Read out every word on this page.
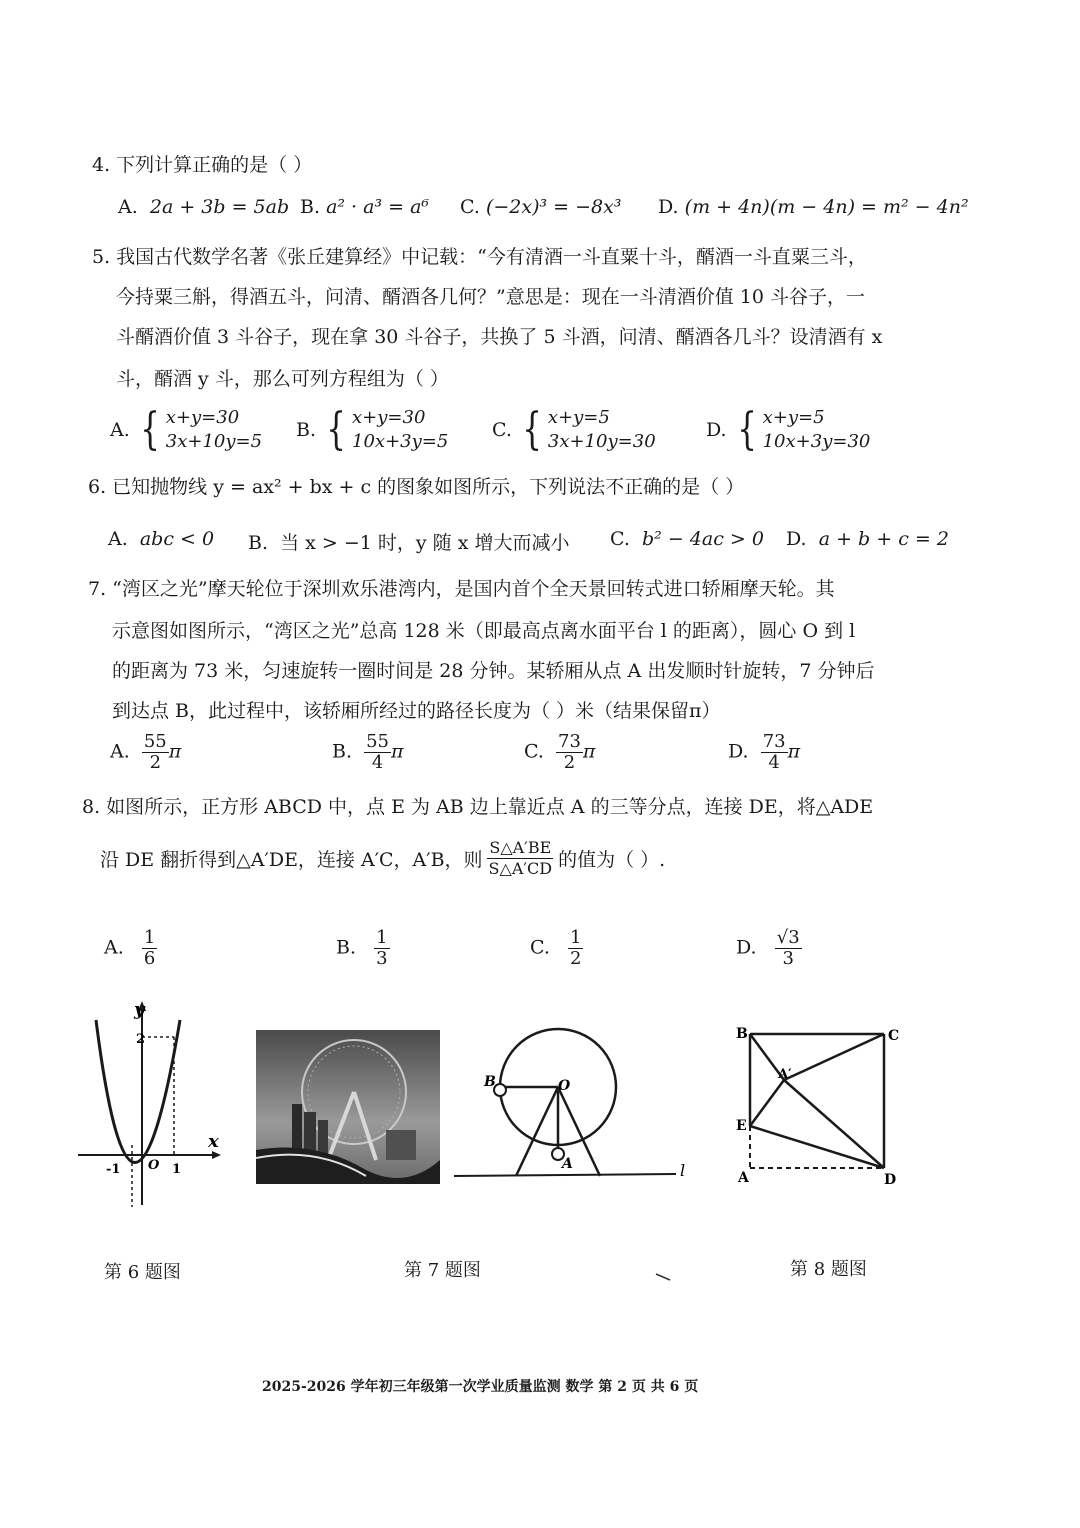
4. 下列计算正确的是（ ）
A. 2a + 3b = 5ab B. a² · a³ = a⁶ C. (−2x)³ = −8x³ D. (m + 4n)(m − 4n) = m² − 4n²
5. 我国古代数学名著《张丘建算经》中记载：“今有清酒一斗直粟十斗，醑酒一斗直粟三斗，
今持粟三斛，得酒五斗，问清、醑酒各几何？”意思是：现在一斗清酒价值 10 斗谷子，一
斗醑酒价值 3 斗谷子，现在拿 30 斗谷子，共换了 5 斗酒，问清、醑酒各几斗？设清酒有 x
斗，醑酒 y 斗，那么可列方程组为（ ）
A. { x+y=30
3x+10y=5
B. { x+y=30
10x+3y=5
C. { x+y=5
3x+10y=30
D. { x+y=5
10x+3y=30
6. 已知抛物线 y = ax² + bx + c 的图象如图所示，下列说法不正确的是（ ）
A. abc < 0 B. 当 x > −1 时，y 随 x 增大而减小 C. b² − 4ac > 0 D. a + b + c = 2
7. “湾区之光”摩天轮位于深圳欢乐港湾内，是国内首个全天景回转式进口轿厢摩天轮。其
示意图如图所示，“湾区之光”总高 128 米（即最高点离水面平台 l 的距离），圆心 O 到 l
的距离为 73 米，匀速旋转一圈时间是 28 分钟。某轿厢从点 A 出发顺时针旋转，7 分钟后
到达点 B，此过程中，该轿厢所经过的路径长度为（ ）米（结果保留π）
A. $\frac{55}{2}$ π	B. $\frac{55}{4}$ π	C. $\frac{73}{2}$ π	D. $\frac{73}{4}$ π
8. 如图所示，正方形 ABCD 中，点 E 为 AB 边上靠近点 A 的三等分点，连接 DE，将△ADE
沿 DE 翻折得到△A′DE，连接 A′C，A′B，则 $\frac{S\triangle A'BE}{S\triangle A'CD}$ 的值为（ ）.
A. $\frac{1}{6}$	B. $\frac{1}{3}$	C. $\frac{1}{2}$	D. $\frac{√3}{3}$
y
x
2
-1 O 1
B	O
A	l
B	C
A′
E
A	D
第 6 题图	第 7 题图	第 8 题图
2025-2026 学年初三年级第一次学业质量监测 数学 第 2 页 共 6 页
